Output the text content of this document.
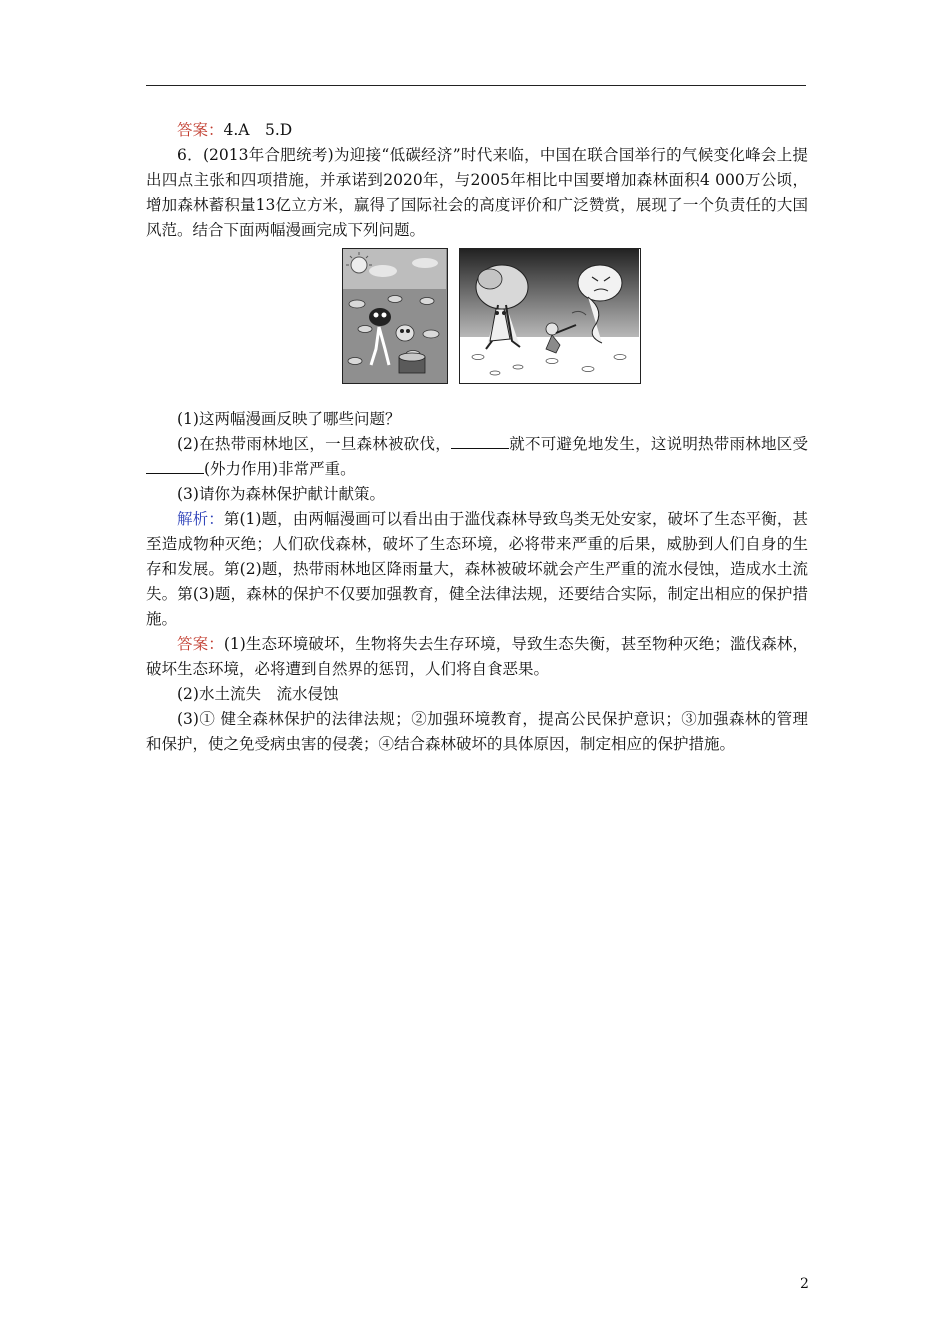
答案：4.A　5.D

6．(2013年合肥统考)为迎接“低碳经济”时代来临，中国在联合国举行的气候变化峰会上提出四点主张和四项措施，并承诺到2020年，与2005年相比中国要增加森林面积4 000万公顷，增加森林蓄积量13亿立方米，赢得了国际社会的高度评价和广泛赞赏，展现了一个负责任的大国风范。结合下面两幅漫画完成下列问题。

(1)这两幅漫画反映了哪些问题？

(2)在热带雨林地区，一旦森林被砍伐，	就不可避免地发生，这说明热带雨林地区受(外力作用)非常严重。

(3)请你为森林保护献计献策。

解析：第(1)题，由两幅漫画可以看出由于滥伐森林导致鸟类无处安家，破坏了生态平衡，甚至造成物种灭绝；人们砍伐森林，破坏了生态环境，必将带来严重的后果，威胁到人们自身的生存和发展。第(2)题，热带雨林地区降雨量大，森林被破坏就会产生严重的流水侵蚀，造成水土流失。第(3)题，森林的保护不仅要加强教育，健全法律法规，还要结合实际，制定出相应的保护措施。

答案：(1)生态环境破坏，生物将失去生存环境，导致生态失衡，甚至物种灭绝；滥伐森林，破坏生态环境，必将遭到自然界的惩罚，人们将自食恶果。

(2)水土流失　流水侵蚀

(3)① 健全森林保护的法律法规；②加强环境教育，提高公民保护意识；③加强森林的管理和保护，使之免受病虫害的侵袭；④结合森林破坏的具体原因，制定相应的保护措施。

2
